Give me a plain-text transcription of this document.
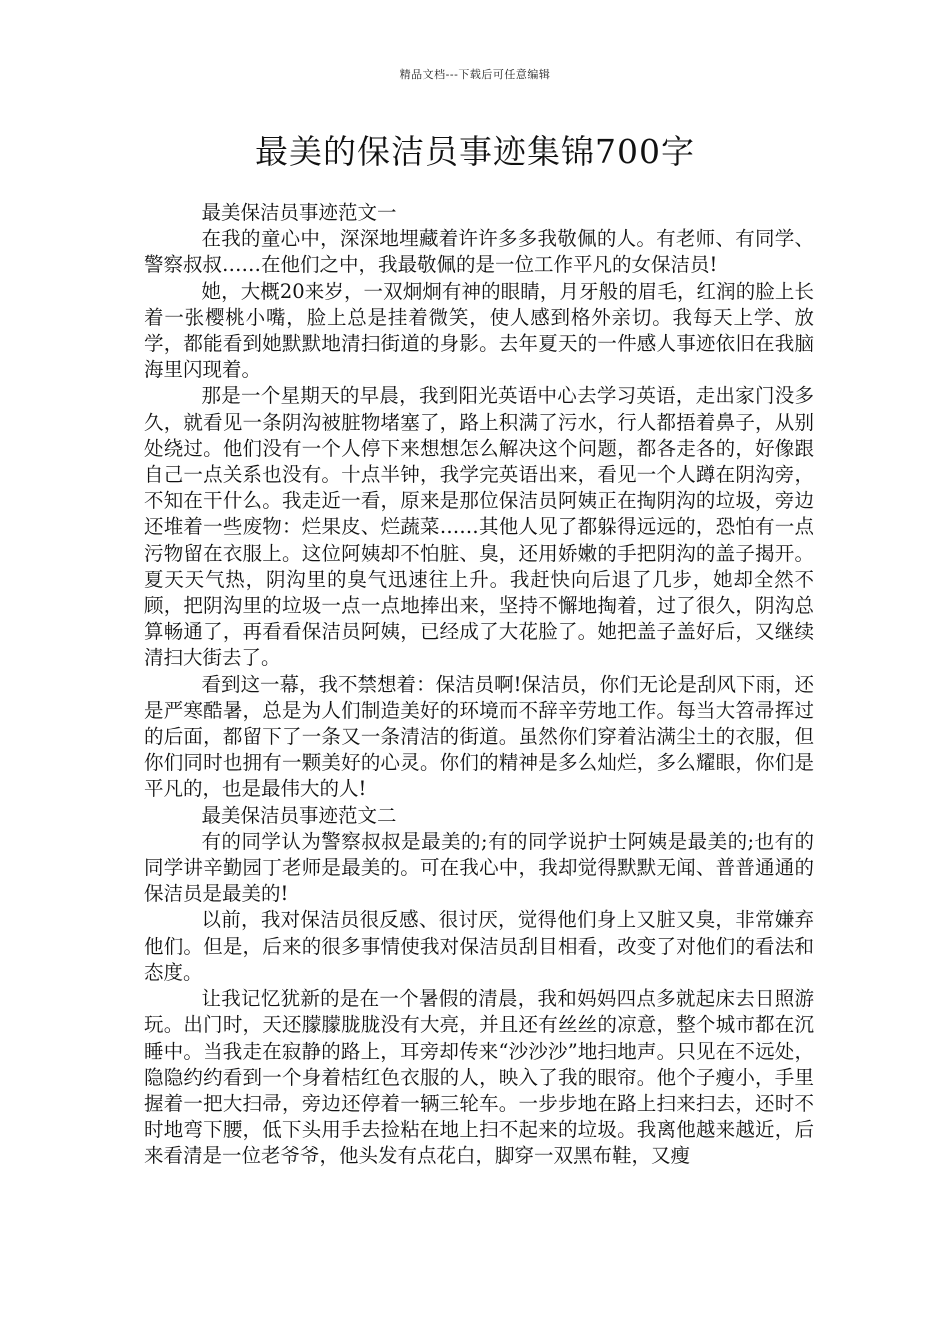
精品文档---下载后可任意编辑
最美的保洁员事迹集锦700字

最美保洁员事迹范文一

在我的童心中，深深地埋藏着许许多多我敬佩的人。有老师、有同学、警察叔叔……在他们之中，我最敬佩的是一位工作平凡的女保洁员!

她，大概20来岁，一双炯炯有神的眼睛，月牙般的眉毛，红润的脸上长着一张樱桃小嘴，脸上总是挂着微笑，使人感到格外亲切。我每天上学、放学，都能看到她默默地清扫街道的身影。去年夏天的一件感人事迹依旧在我脑海里闪现着。

那是一个星期天的早晨，我到阳光英语中心去学习英语，走出家门没多久，就看见一条阴沟被脏物堵塞了，路上积满了污水，行人都捂着鼻子，从别处绕过。他们没有一个人停下来想想怎么解决这个问题，都各走各的，好像跟自己一点关系也没有。十点半钟，我学完英语出来，看见一个人蹲在阴沟旁，不知在干什么。我走近一看，原来是那位保洁员阿姨正在掏阴沟的垃圾，旁边还堆着一些废物：烂果皮、烂蔬菜……其他人见了都躲得远远的，恐怕有一点污物留在衣服上。这位阿姨却不怕脏、臭，还用娇嫩的手把阴沟的盖子揭开。夏天天气热，阴沟里的臭气迅速往上升。我赶快向后退了几步，她却全然不顾，把阴沟里的垃圾一点一点地捧出来，坚持不懈地掏着，过了很久，阴沟总算畅通了，再看看保洁员阿姨，已经成了大花脸了。她把盖子盖好后，又继续清扫大街去了。

看到这一幕，我不禁想着：保洁员啊!保洁员，你们无论是刮风下雨，还是严寒酷暑，总是为人们制造美好的环境而不辞辛劳地工作。每当大笤帚挥过的后面，都留下了一条又一条清洁的街道。虽然你们穿着沾满尘土的衣服，但你们同时也拥有一颗美好的心灵。你们的精神是多么灿烂，多么耀眼，你们是平凡的，也是最伟大的人!

最美保洁员事迹范文二

有的同学认为警察叔叔是最美的;有的同学说护士阿姨是最美的;也有的同学讲辛勤园丁老师是最美的。可在我心中，我却觉得默默无闻、普普通通的保洁员是最美的!

以前，我对保洁员很反感、很讨厌，觉得他们身上又脏又臭，非常嫌弃他们。但是，后来的很多事情使我对保洁员刮目相看，改变了对他们的看法和态度。

让我记忆犹新的是在一个暑假的清晨，我和妈妈四点多就起床去日照游玩。出门时，天还朦朦胧胧没有大亮，并且还有丝丝的凉意，整个城市都在沉睡中。当我走在寂静的路上，耳旁却传来“沙沙沙”地扫地声。只见在不远处，隐隐约约看到一个身着桔红色衣服的人，映入了我的眼帘。他个子瘦小，手里握着一把大扫帚，旁边还停着一辆三轮车。一步步地在路上扫来扫去，还时不时地弯下腰，低下头用手去捡粘在地上扫不起来的垃圾。我离他越来越近，后来看清是一位老爷爷，他头发有点花白，脚穿一双黑布鞋，又瘦
